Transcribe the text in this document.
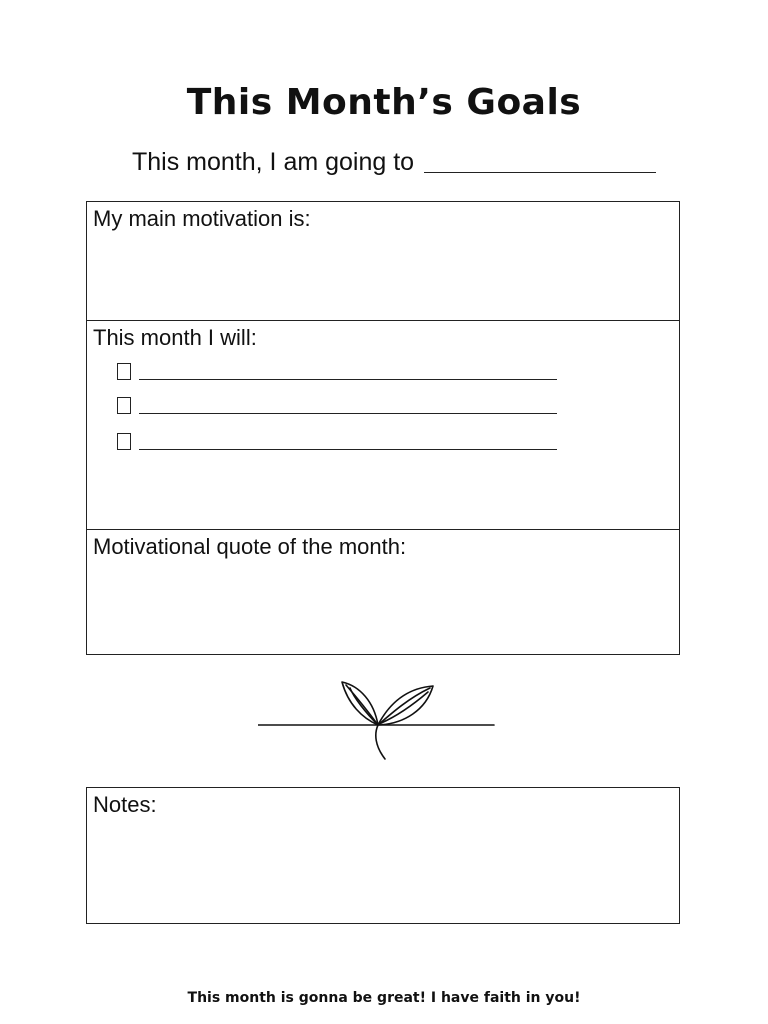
This Month’s Goals
This month, I am going to
My main motivation is:
This month I will:
Motivational quote of the month:
Notes:
This month is gonna be great! I have faith in you!
